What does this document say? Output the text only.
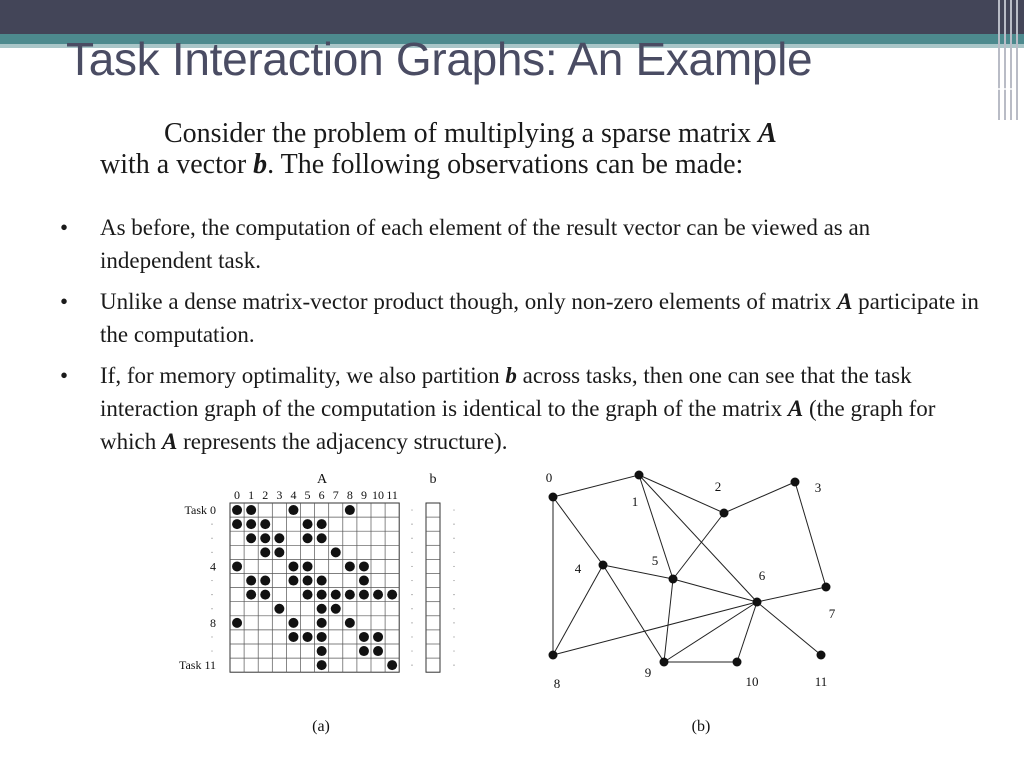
Task Interaction Graphs: An Example
Consider the problem of multiplying a sparse matrix A
with a vector b. The following observations can be made:
• As before, the computation of each element of the result vector can be viewed as an independent task.
• Unlike a dense matrix-vector product though, only non-zero elements of matrix A participate in the computation.
• If, for memory optimality, we also partition b across tasks, then one can see that the task interaction graph of the computation is identical to the graph of the matrix A (the graph for which A represents the adjacency structure).
0 1 2 3 4 5 6 7 8 9 10 11
Task 0
4
8
Task 11
A	b
(a)
0
1
2	3
4
5
6
7
8
9
10	11
(b)
